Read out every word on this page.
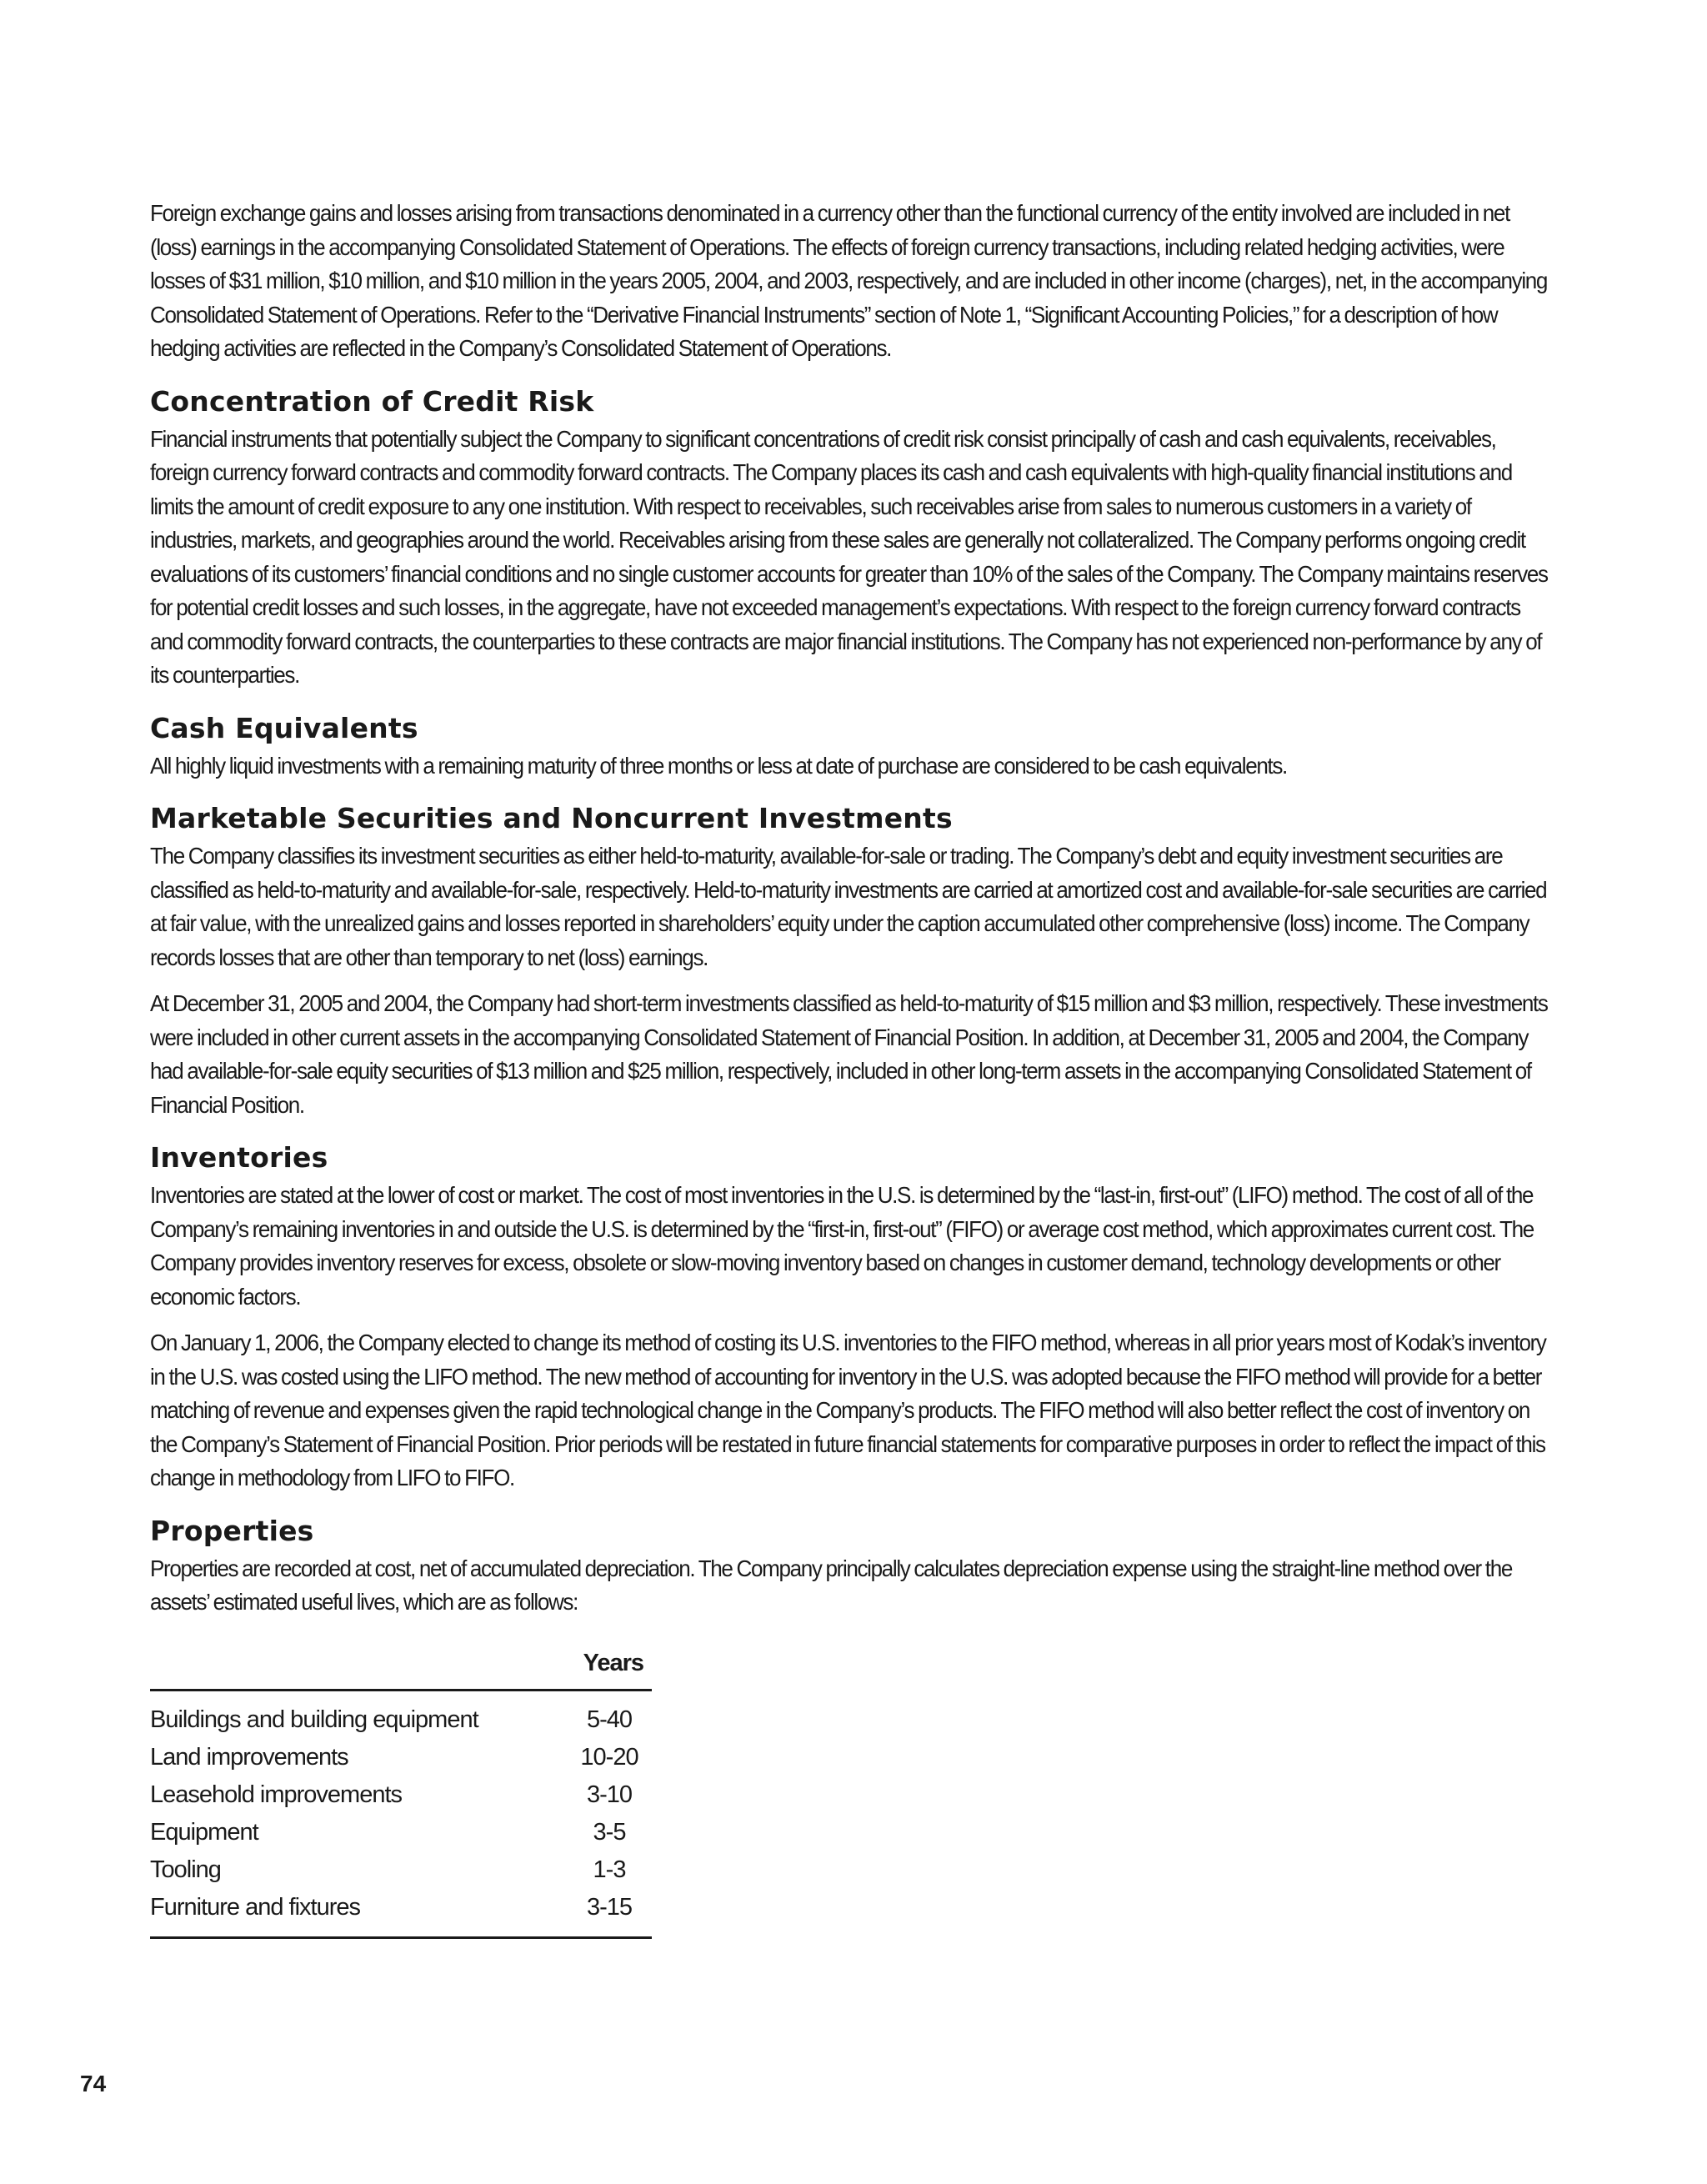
Foreign exchange gains and losses arising from transactions denominated in a currency other than the functional currency of the entity involved are included in net (loss) earnings in the accompanying Consolidated Statement of Operations. The effects of foreign currency transactions, including related hedging activities, were losses of $31 million, $10 million, and $10 million in the years 2005, 2004, and 2003, respectively, and are included in other income (charges), net, in the accompanying Consolidated Statement of Operations. Refer to the “Derivative Financial Instruments” section of Note 1, “Significant Accounting Policies,” for a description of how hedging activities are reflected in the Company’s Consolidated Statement of Operations.

Concentration of Credit Risk

Financial instruments that potentially subject the Company to significant concentrations of credit risk consist principally of cash and cash equivalents, receivables, foreign currency forward contracts and commodity forward contracts. The Company places its cash and cash equivalents with high-quality financial institutions and limits the amount of credit exposure to any one institution. With respect to receivables, such receivables arise from sales to numerous customers in a variety of industries, markets, and geographies around the world. Receivables arising from these sales are generally not collateralized. The Company performs ongoing credit evaluations of its customers’ financial conditions and no single customer accounts for greater than 10% of the sales of the Company. The Company maintains reserves for potential credit losses and such losses, in the aggregate, have not exceeded management’s expectations. With respect to the foreign currency forward contracts and commodity forward contracts, the counterparties to these contracts are major financial institutions. The Company has not experienced non-performance by any of its counterparties.

Cash Equivalents

All highly liquid investments with a remaining maturity of three months or less at date of purchase are considered to be cash equivalents.

Marketable Securities and Noncurrent Investments

The Company classifies its investment securities as either held-to-maturity, available-for-sale or trading. The Company’s debt and equity investment securities are classified as held-to-maturity and available-for-sale, respectively. Held-to-maturity investments are carried at amortized cost and available-for-sale securities are carried at fair value, with the unrealized gains and losses reported in shareholders’ equity under the caption accumulated other comprehensive (loss) income. The Company records losses that are other than temporary to net (loss) earnings.

At December 31, 2005 and 2004, the Company had short-term investments classified as held-to-maturity of $15 million and $3 million, respectively. These investments were included in other current assets in the accompanying Consolidated Statement of Financial Position. In addition, at December 31, 2005 and 2004, the Company had available-for-sale equity securities of $13 million and $25 million, respectively, included in other long-term assets in the accompanying Consolidated Statement of Financial Position.

Inventories

Inventories are stated at the lower of cost or market. The cost of most inventories in the U.S. is determined by the “last-in, first-out” (LIFO) method. The cost of all of the Company’s remaining inventories in and outside the U.S. is determined by the “first-in, first-out” (FIFO) or average cost method, which approximates current cost. The Company provides inventory reserves for excess, obsolete or slow-moving inventory based on changes in customer demand, technology developments or other economic factors.

On January 1, 2006, the Company elected to change its method of costing its U.S. inventories to the FIFO method, whereas in all prior years most of Kodak’s inventory in the U.S. was costed using the LIFO method. The new method of accounting for inventory in the U.S. was adopted because the FIFO method will provide for a better matching of revenue and expenses given the rapid technological change in the Company’s products. The FIFO method will also better reflect the cost of inventory on the Company’s Statement of Financial Position. Prior periods will be restated in future financial statements for comparative purposes in order to reflect the impact of this change in methodology from LIFO to FIFO.

Properties

Properties are recorded at cost, net of accumulated depreciation. The Company principally calculates depreciation expense using the straight-line method over the assets’ estimated useful lives, which are as follows:

Years
Buildings and building equipment	5-40
Land improvements	10-20
Leasehold improvements	3-10
Equipment	3-5
Tooling	1-3
Furniture and fixtures	3-15
74
